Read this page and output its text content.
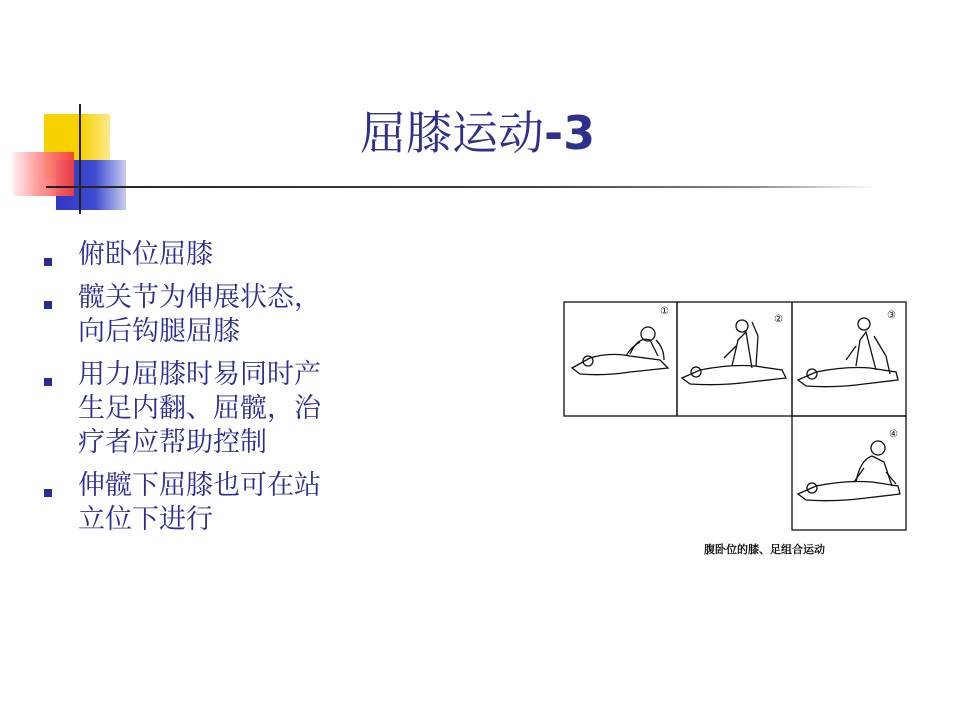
屈膝运动-3
俯卧位屈膝
髋关节为伸展状态，
向后钩腿屈膝
用力屈膝时易同时产
生足内翻、屈髋，治
疗者应帮助控制
伸髋下屈膝也可在站
立位下进行
①
②	③
④
腹卧位的膝、足组合运动
